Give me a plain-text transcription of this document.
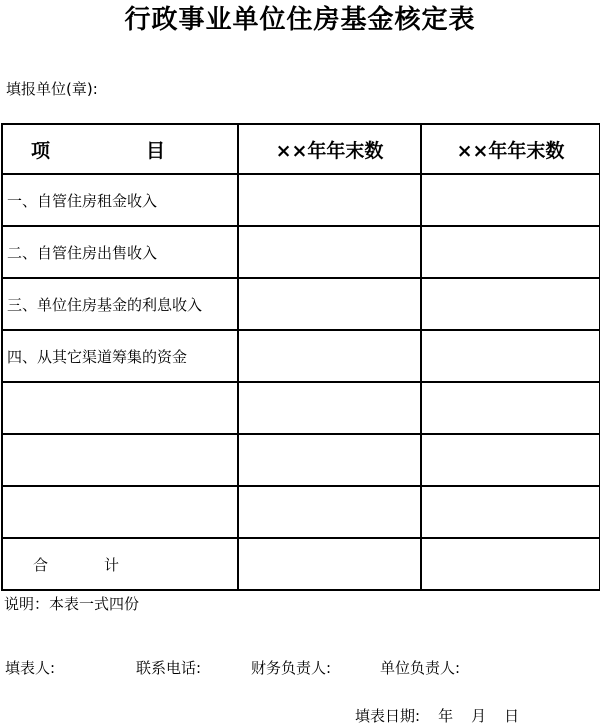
行政事业单位住房基金核定表
填报单位(章):
项 目	××年年末数	××年年末数
一、自管住房租金收入		
二、自管住房出售收入		
三、单位住房基金的利息收入		
四、从其它渠道筹集的资金		

合 计		

说明：本表一式四份
填表人:	联系电话:	财务负责人:	单位负责人:
填表日期: 年 月 日
